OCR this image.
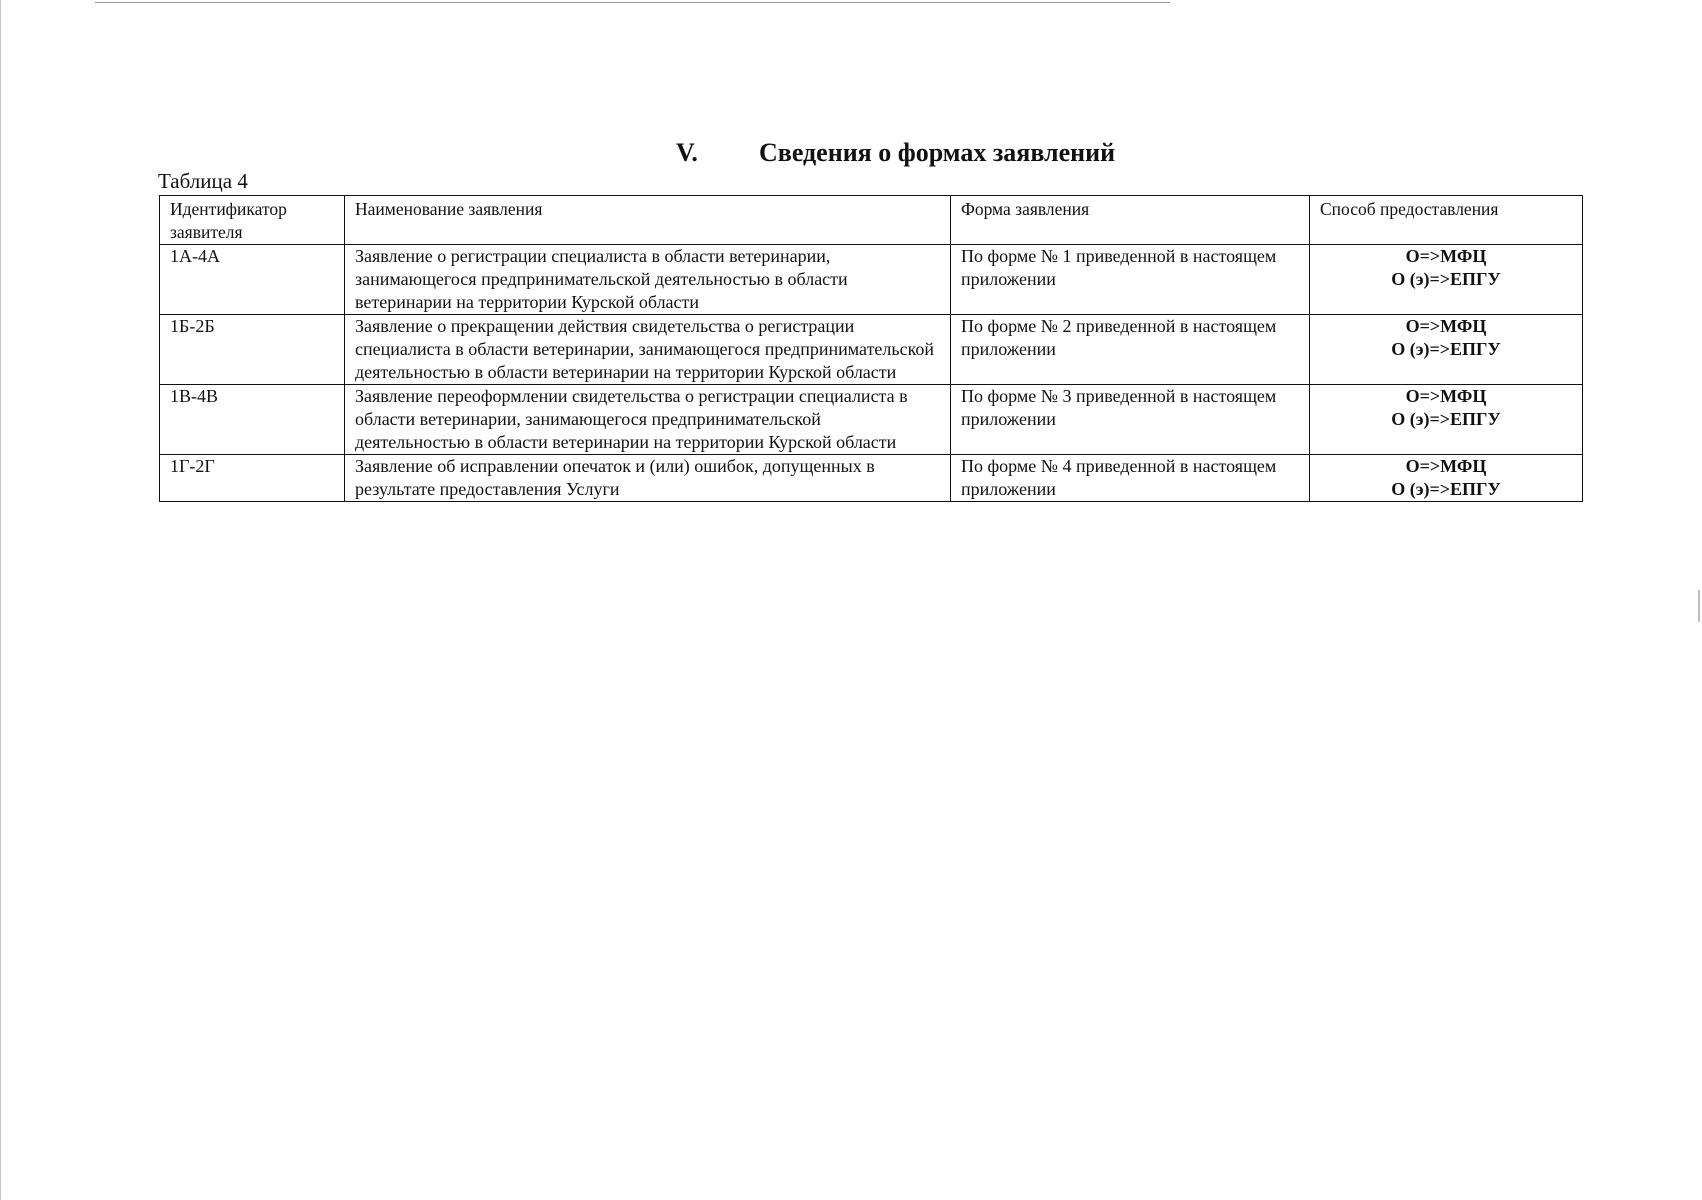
V. Сведения о формах заявлений
Таблица 4
Идентификатор заявителя	Наименование заявления	Форма заявления	Способ предоставления
1А-4А	Заявление о регистрации специалиста в области ветеринарии, занимающегося предпринимательской деятельностью в области ветеринарии на территории Курской области	По форме № 1 приведенной в настоящем приложении	О=>МФЦ
О (э)=>ЕПГУ

1Б-2Б	Заявление о прекращении действия свидетельства о регистрации специалиста в области ветеринарии, занимающегося предпринимательской деятельностью в области ветеринарии на территории Курской области	По форме № 2 приведенной в настоящем приложении	О=>МФЦ
О (э)=>ЕПГУ

1В-4В	Заявление переоформлении свидетельства о регистрации специалиста в области ветеринарии, занимающегося предпринимательской деятельностью в области ветеринарии на территории Курской области	По форме № 3 приведенной в настоящем приложении	О=>МФЦ
О (э)=>ЕПГУ

1Г-2Г	Заявление об исправлении опечаток и (или) ошибок, допущенных в результате предоставления Услуги	По форме № 4 приведенной в настоящем приложении	О=>МФЦ
О (э)=>ЕПГУ
